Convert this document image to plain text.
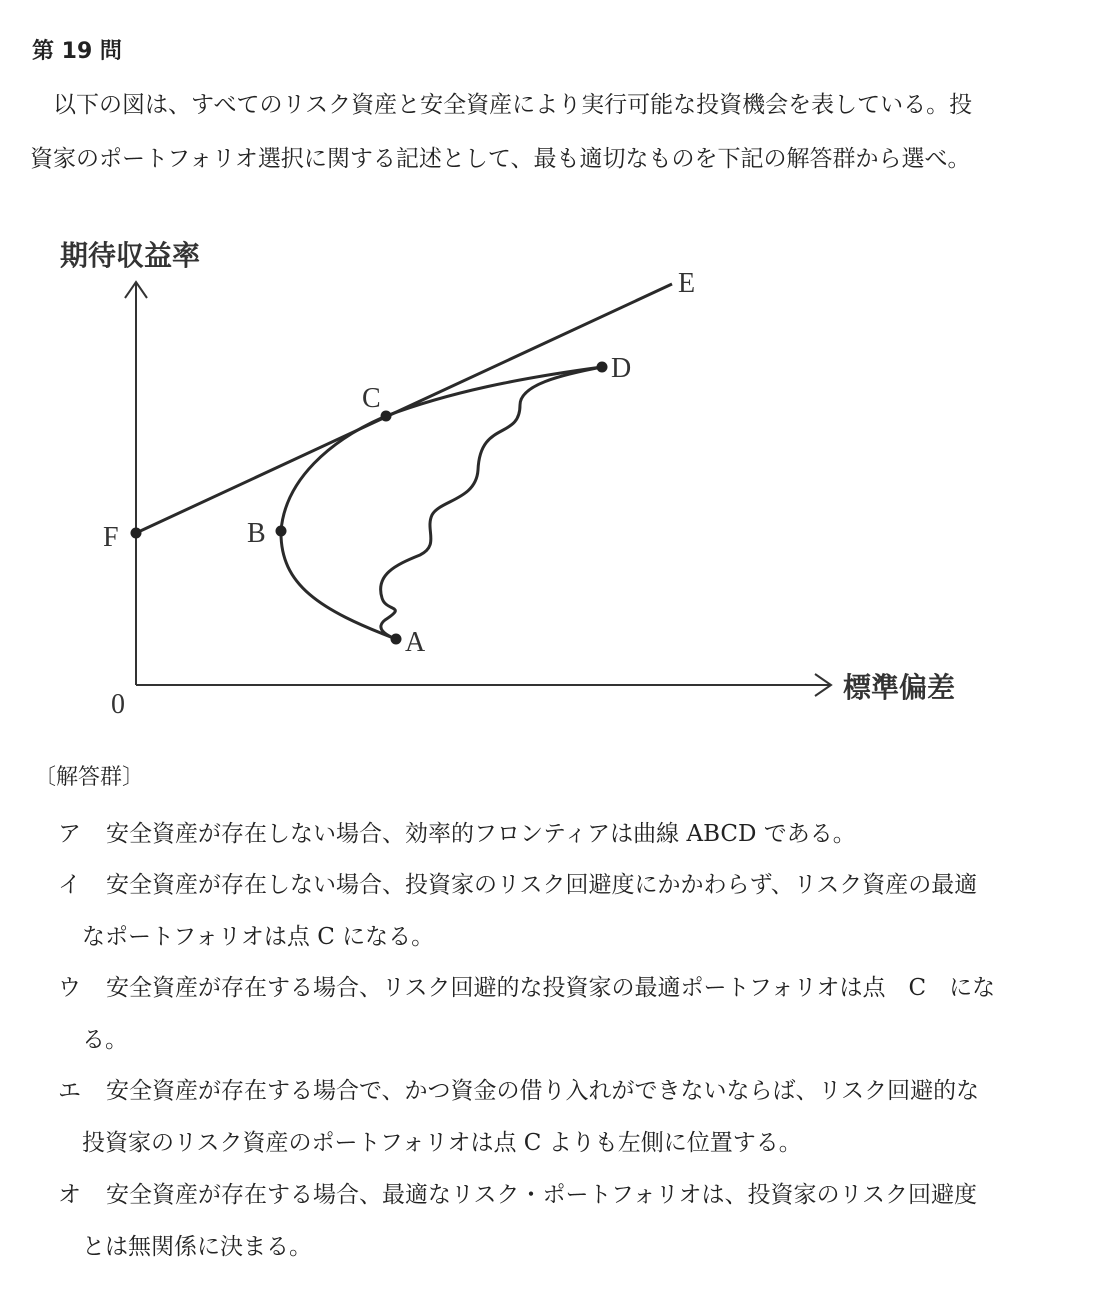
第 19 問
以下の図は、すべてのリスク資産と安全資産により実行可能な投資機会を表している。投
資家のポートフォリオ選択に関する記述として、最も適切なものを下記の解答群から選べ。
期待収益率
標準偏差
0
F	B
C
D
A
E
〔解答群〕
ア 安全資産が存在しない場合、効率的フロンティアは曲線 ABCD である。
イ 安全資産が存在しない場合、投資家のリスク回避度にかかわらず、リスク資産の最適
なポートフォリオは点 C になる。
ウ 安全資産が存在する場合、リスク回避的な投資家の最適ポートフォリオは点　C　にな
る。
エ 安全資産が存在する場合で、かつ資金の借り入れができないならば、リスク回避的な
投資家のリスク資産のポートフォリオは点 C よりも左側に位置する。
オ 安全資産が存在する場合、最適なリスク・ポートフォリオは、投資家のリスク回避度
とは無関係に決まる。
